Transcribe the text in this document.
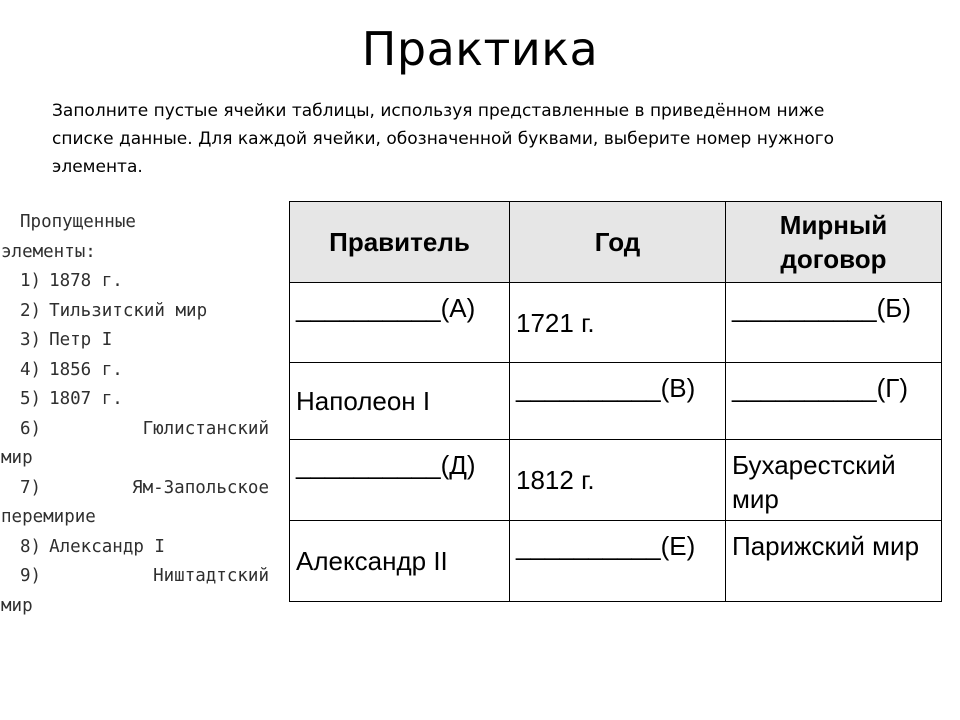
Практика
Заполните пустые ячейки таблицы, используя представленные в приведённом ниже списке данные. Для каждой ячейки, обозначенной буквами, выберите номер нужного элемента.
Пропущенные
элементы:
1) 1878 г.
2) Тильзитский мир
3) Петр I
4) 1856 г.
5) 1807 г.
6)	Гюлистанский
мир
7)	Ям-Запольское
перемирие
8) Александр I
9)	Ништадтский
мир
Правитель	Год	Мирный договор
__________(А)	1721 г.	__________(Б)
Наполеон I	__________(В)	__________(Г)
__________(Д)	1812 г.	Бухарестский мир
Александр II	__________(Е)	Парижский мир
